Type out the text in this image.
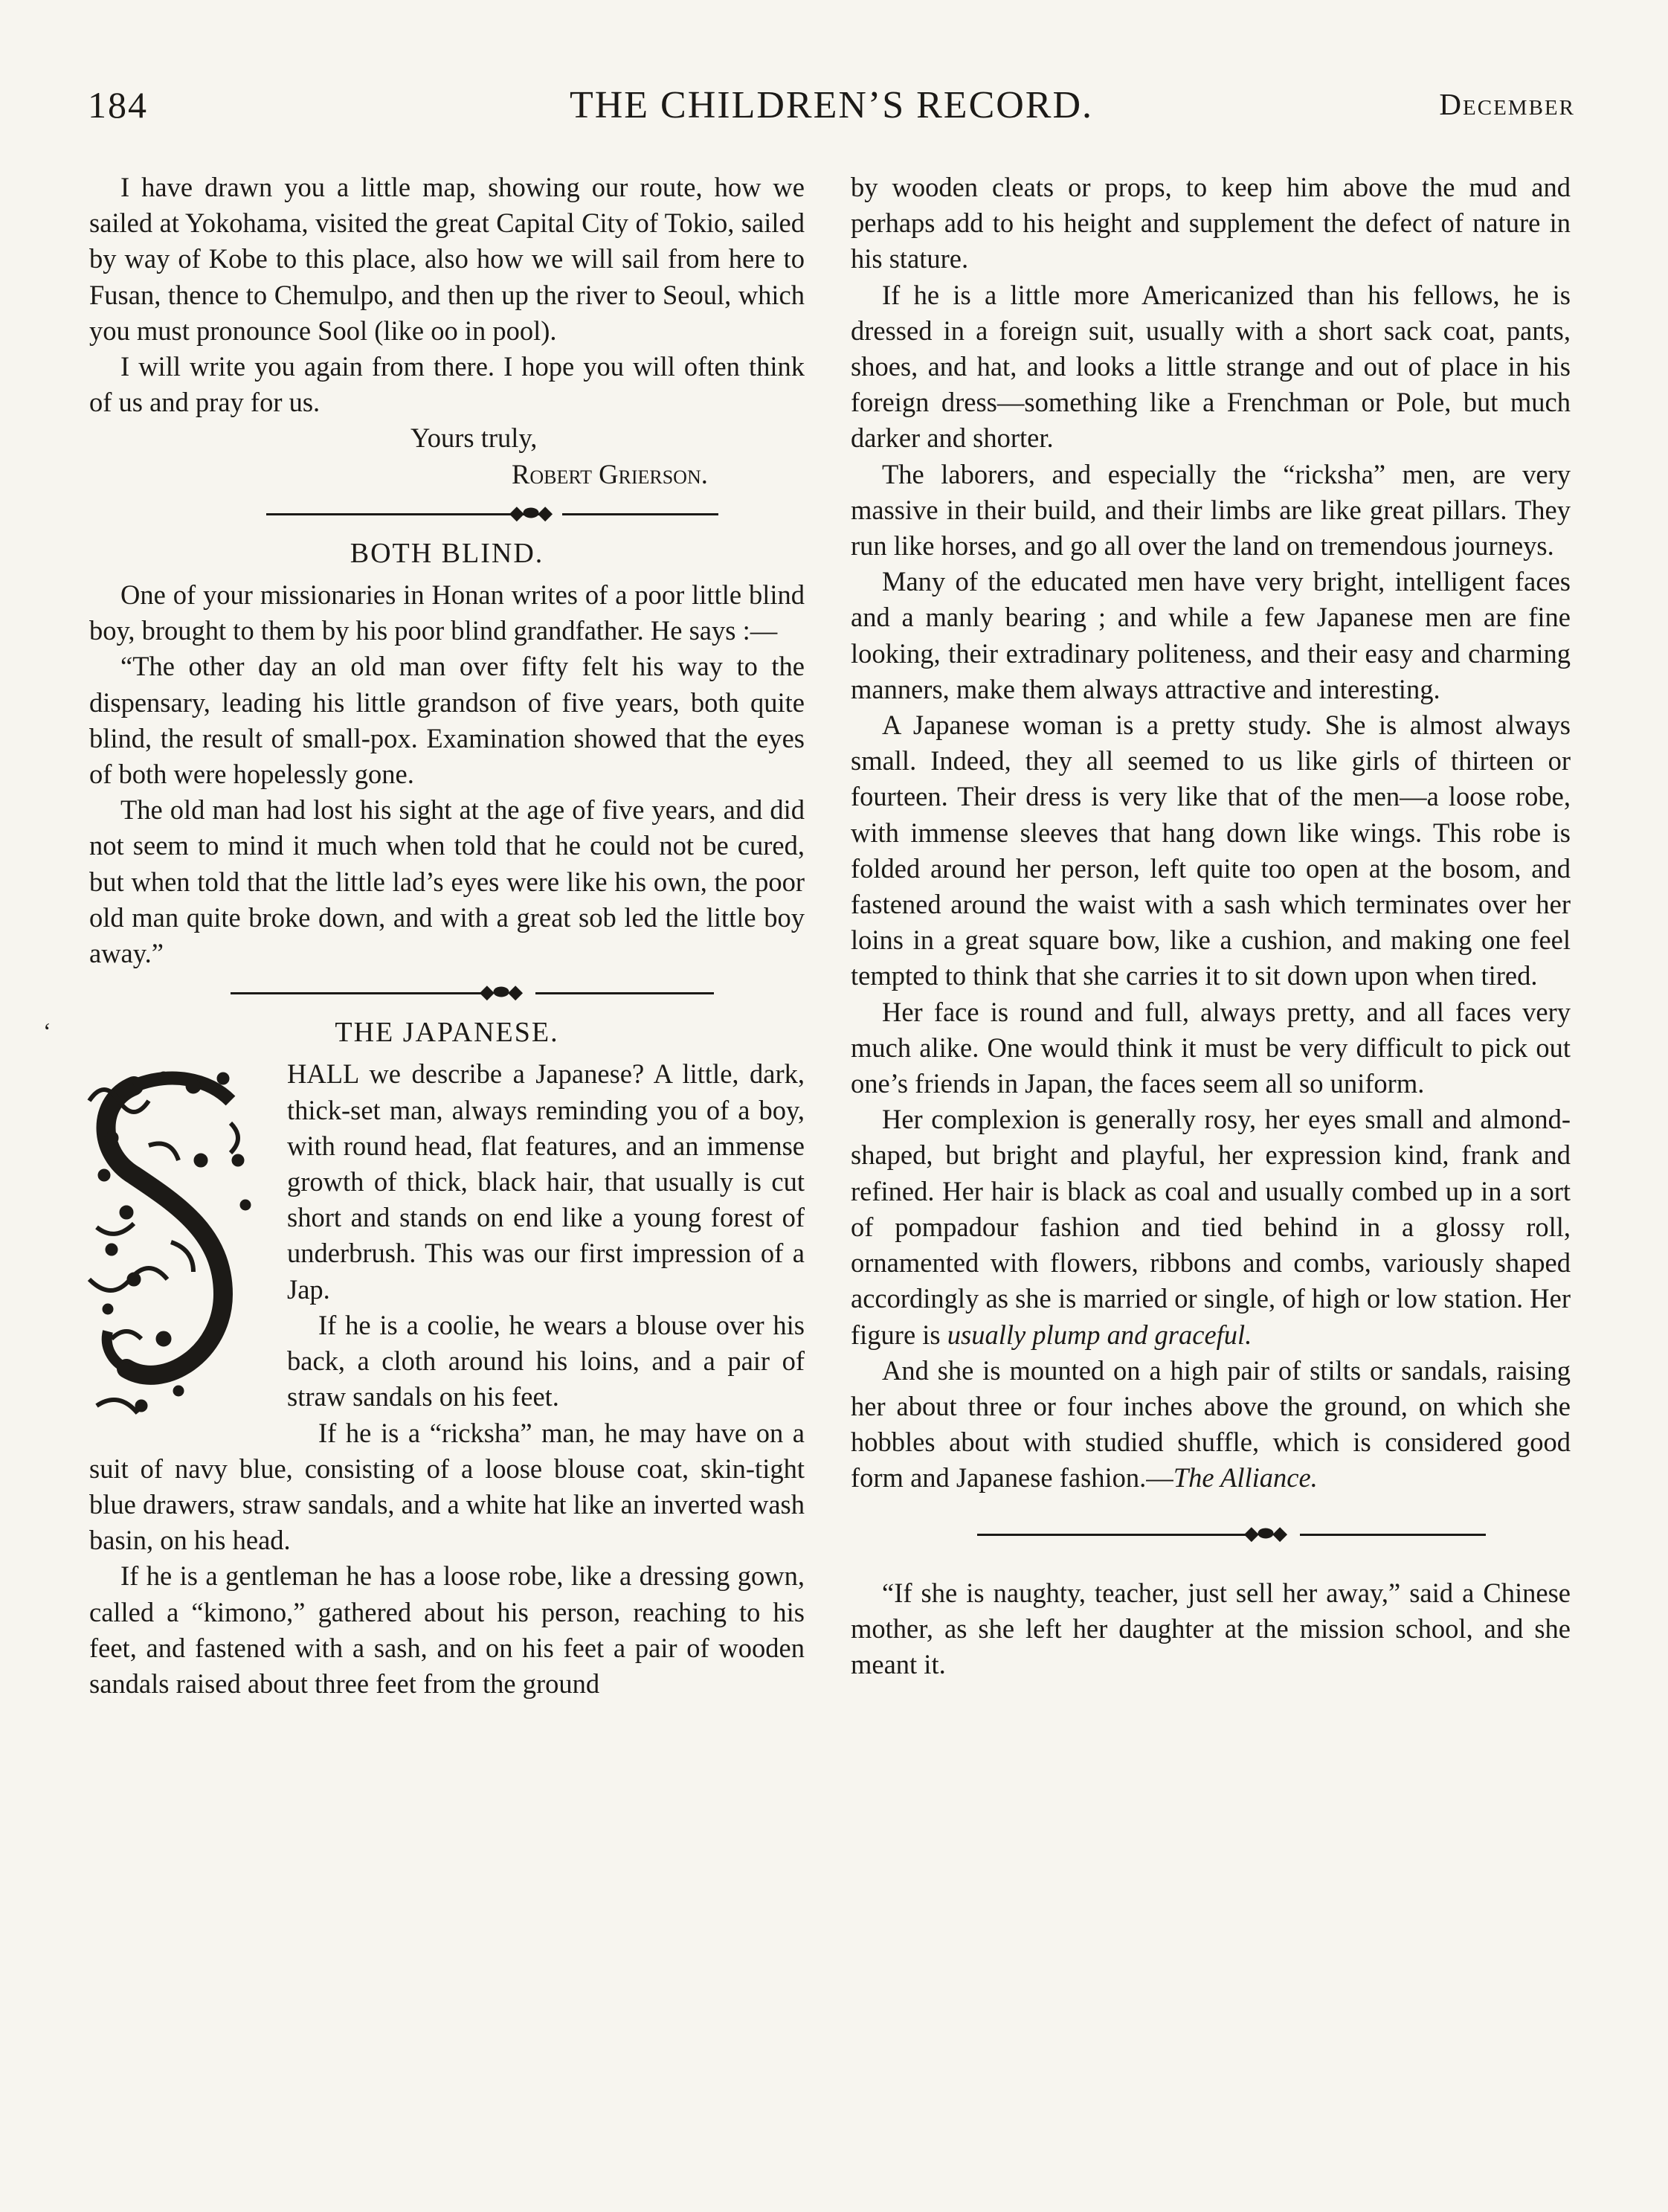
184	THE CHILDREN’S RECORD.	December

I have drawn you a little map, showing our route, how we sailed at Yokohama, visited the great Capital City of Tokio, sailed by way of Kobe to this place, also how we will sail from here to Fusan, thence to Chemulpo, and then up the river to Seoul, which you must pronounce Sool (like oo in pool).

I will write you again from there. I hope you will often think of us and pray for us.

Yours truly,
Robert Grierson.
◆⬬◆
BOTH BLIND.

One of your missionaries in Honan writes of a poor little blind boy, brought to them by his poor blind grandfather. He says :—

“The other day an old man over fifty felt his way to the dispensary, leading his little grandson of five years, both quite blind, the result of small-pox. Examination showed that the eyes of both were hopelessly gone.

The old man had lost his sight at the age of five years, and did not seem to mind it much when told that he could not be cured, but when told that the little lad’s eyes were like his own, the poor old man quite broke down, and with a great sob led the little boy away.”

◆⬬◆
‘	THE JAPANESE.

HALL we describe a Japanese? A little, dark, thick-set man, always reminding you of a boy, with round head, flat features, and an immense growth of thick, black hair, that usually is cut short and stands on end like a young forest of underbrush. This was our first impression of a Jap.

If he is a coolie, he wears a blouse over his back, a cloth around his loins, and a pair of straw sandals on his feet.

If he is a “ricksha” man, he may have on a suit of navy blue, consisting of a loose blouse coat, skin-tight blue drawers, straw sandals, and a white hat like an inverted wash basin, on his head.

If he is a gentleman he has a loose robe, like a dressing gown, called a “kimono,” gathered about his person, reaching to his feet, and fastened with a sash, and on his feet a pair of wooden sandals raised about three feet from the ground

by wooden cleats or props, to keep him above the mud and perhaps add to his height and supplement the defect of nature in his stature.

If he is a little more Americanized than his fellows, he is dressed in a foreign suit, usually with a short sack coat, pants, shoes, and hat, and looks a little strange and out of place in his foreign dress—something like a Frenchman or Pole, but much darker and shorter.

The laborers, and especially the “ricksha” men, are very massive in their build, and their limbs are like great pillars. They run like horses, and go all over the land on tremendous journeys.

Many of the educated men have very bright, intelligent faces and a manly bearing ; and while a few Japanese men are fine looking, their extradinary politeness, and their easy and charming manners, make them always attractive and interesting.

A Japanese woman is a pretty study. She is almost always small. Indeed, they all seemed to us like girls of thirteen or fourteen. Their dress is very like that of the men—a loose robe, with immense sleeves that hang down like wings. This robe is folded around her person, left quite too open at the bosom, and fastened around the waist with a sash which terminates over her loins in a great square bow, like a cushion, and making one feel tempted to think that she carries it to sit down upon when tired.

Her face is round and full, always pretty, and all faces very much alike. One would think it must be very difficult to pick out one’s friends in Japan, the faces seem all so uniform.

Her complexion is generally rosy, her eyes small and almond-shaped, but bright and playful, her expression kind, frank and refined. Her hair is black as coal and usually combed up in a sort of pompadour fashion and tied behind in a glossy roll, ornamented with flowers, ribbons and combs, variously shaped accordingly as she is married or single, of high or low station. Her figure is usually plump and graceful.

And she is mounted on a high pair of stilts or sandals, raising her about three or four inches above the ground, on which she hobbles about with studied shuffle, which is considered good form and Japanese fashion.—The Alliance.

◆⬬◆

“If she is naughty, teacher, just sell her away,” said a Chinese mother, as she left her daughter at the mission school, and she meant it.
